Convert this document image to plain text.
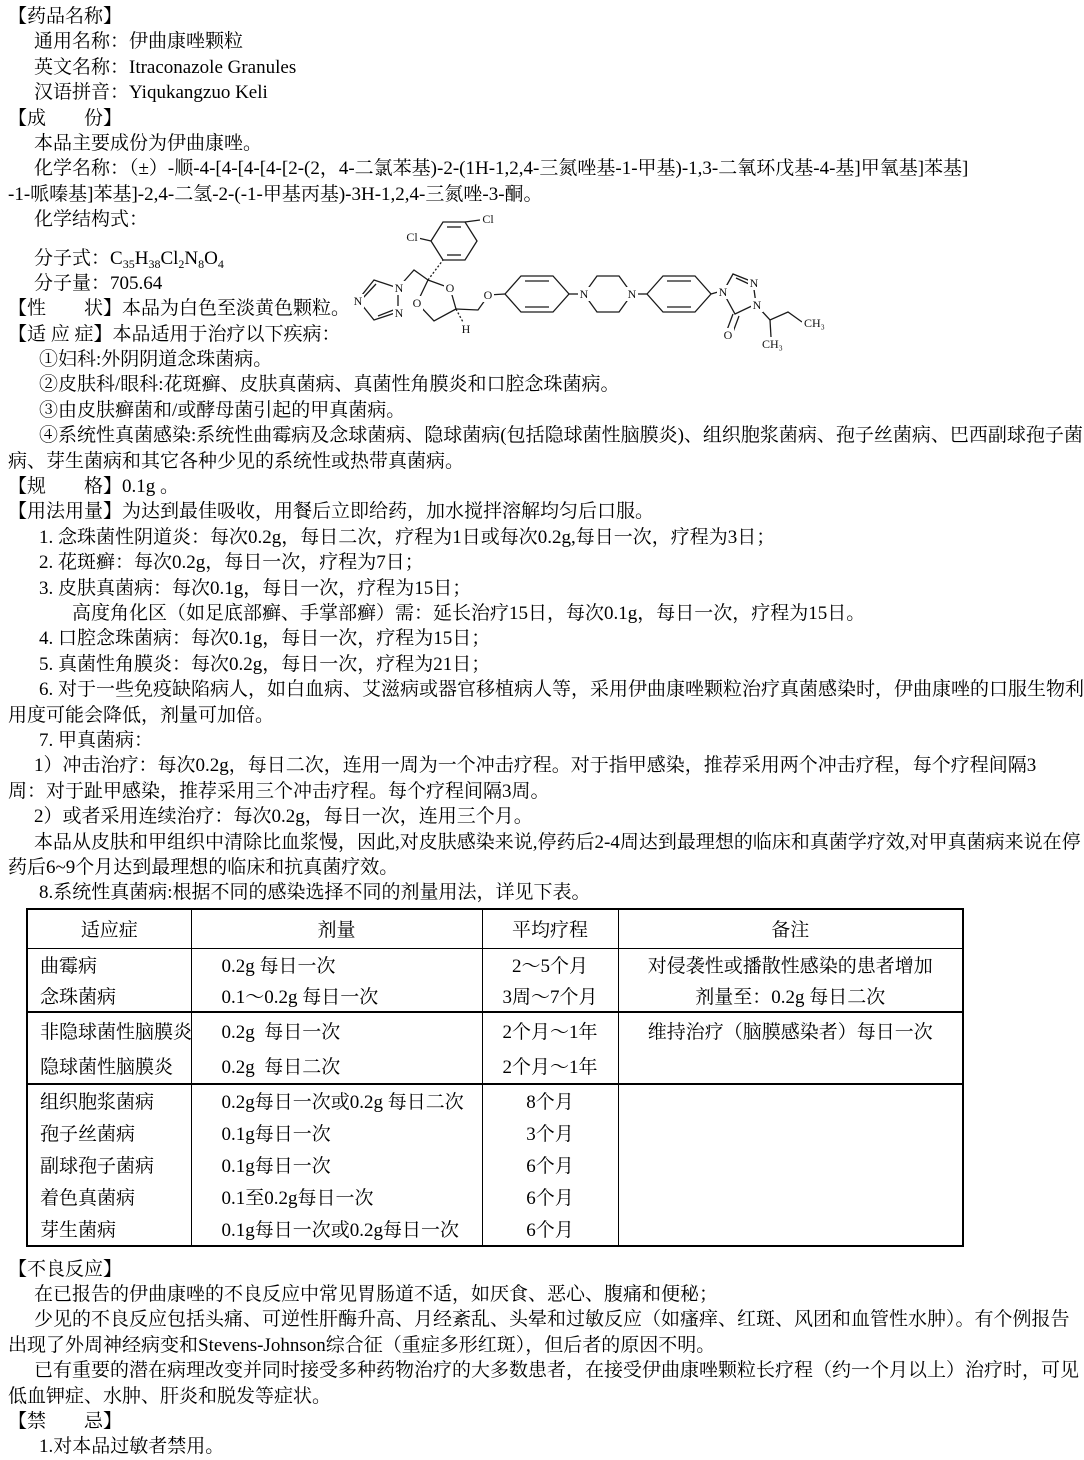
【药品名称】
通用名称：伊曲康唑颗粒
英文名称：Itraconazole Granules
汉语拼音：Yiqukangzuo Keli
【成　　份】
本品主要成份为伊曲康唑。
化学名称：（±）-顺-4-[4-[4-[4-[2-(2，4-二氯苯基)-2-(1H-1,2,4-三氮唑基-1-甲基)-1,3-二氧环戊基-4-基]甲氧基]苯基]
-1-哌嗪基]苯基]-2,4-二氢-2-(-1-甲基丙基)-3H-1,2,4-三氮唑-3-酮。
化学结构式：
分子式：$C_{35}H_{38}Cl_2N_8O_4$
分子量：705.64
【性　　状】本品为白色至淡黄色颗粒。
【适 应 症】本品适用于治疗以下疾病：
①妇科:外阴阴道念珠菌病。
②皮肤科/眼科:花斑癣、皮肤真菌病、真菌性角膜炎和口腔念珠菌病。
③由皮肤癣菌和/或酵母菌引起的甲真菌病。
④系统性真菌感染:系统性曲霉病及念球菌病、隐球菌病(包括隐球菌性脑膜炎)、组织胞浆菌病、孢子丝菌病、巴西副球孢子菌
病、芽生菌病和其它各种少见的系统性或热带真菌病。
【规　　格】0.1g 。
【用法用量】为达到最佳吸收，用餐后立即给药，加水搅拌溶解均匀后口服。
1. 念珠菌性阴道炎：每次0.2g，每日二次，疗程为1日或每次0.2g,每日一次，疗程为3日；
2. 花斑癣：每次0.2g，每日一次，疗程为7日；
3. 皮肤真菌病：每次0.1g，每日一次，疗程为15日；
高度角化区（如足底部癣、手掌部癣）需：延长治疗15日，每次0.1g，每日一次，疗程为15日。
4. 口腔念珠菌病：每次0.1g，每日一次，疗程为15日；
5. 真菌性角膜炎：每次0.2g，每日一次，疗程为21日；
6. 对于一些免疫缺陷病人，如白血病、艾滋病或器官移植病人等，采用伊曲康唑颗粒治疗真菌感染时，伊曲康唑的口服生物利
用度可能会降低，剂量可加倍。
7. 甲真菌病：
1）冲击治疗：每次0.2g，每日二次，连用一周为一个冲击疗程。对于指甲感染，推荐采用两个冲击疗程，每个疗程间隔3
周：对于趾甲感染，推荐采用三个冲击疗程。每个疗程间隔3周。
2）或者采用连续治疗：每次0.2g，每日一次，连用三个月。
本品从皮肤和甲组织中清除比血浆慢，因此,对皮肤感染来说,停药后2-4周达到最理想的临床和真菌学疗效,对甲真菌病来说在停
药后6~9个月达到最理想的临床和抗真菌疗效。
8.系统性真菌病:根据不同的感染选择不同的剂量用法，详见下表。
Cl
Cl
N
N
N
O
O
O	N	N	N
N
N
O
H
CH₃
CH₃
适应症	剂量	平均疗程	备注
曲霉病	0.2g 每日一次	2～5个月	对侵袭性或播散性感染的患者增加
念珠菌病	0.1～0.2g 每日一次	3周～7个月	剂量至：0.2g 每日二次
非隐球菌性脑膜炎	0.2g  每日一次	2个月～1年	维持治疗（脑膜感染者）每日一次
隐球菌性脑膜炎	0.2g  每日二次	2个月～1年	
组织胞浆菌病	0.2g每日一次或0.2g 每日二次	8个月	
孢子丝菌病	0.1g每日一次	3个月	
副球孢子菌病	0.1g每日一次	6个月	
着色真菌病	0.1至0.2g每日一次	6个月	
芽生菌病	0.1g每日一次或0.2g每日一次	6个月	
【不良反应】
在已报告的伊曲康唑的不良反应中常见胃肠道不适，如厌食、恶心、腹痛和便秘；
少见的不良反应包括头痛、可逆性肝酶升高、月经紊乱、头晕和过敏反应（如瘙痒、红斑、风团和血管性水肿）。有个例报告
出现了外周神经病变和Stevens-Johnson综合征（重症多形红斑），但后者的原因不明。
已有重要的潜在病理改变并同时接受多种药物治疗的大多数患者，在接受伊曲康唑颗粒长疗程（约一个月以上）治疗时，可见
低血钾症、水肿、肝炎和脱发等症状。
【禁　　忌】
1.对本品过敏者禁用。
